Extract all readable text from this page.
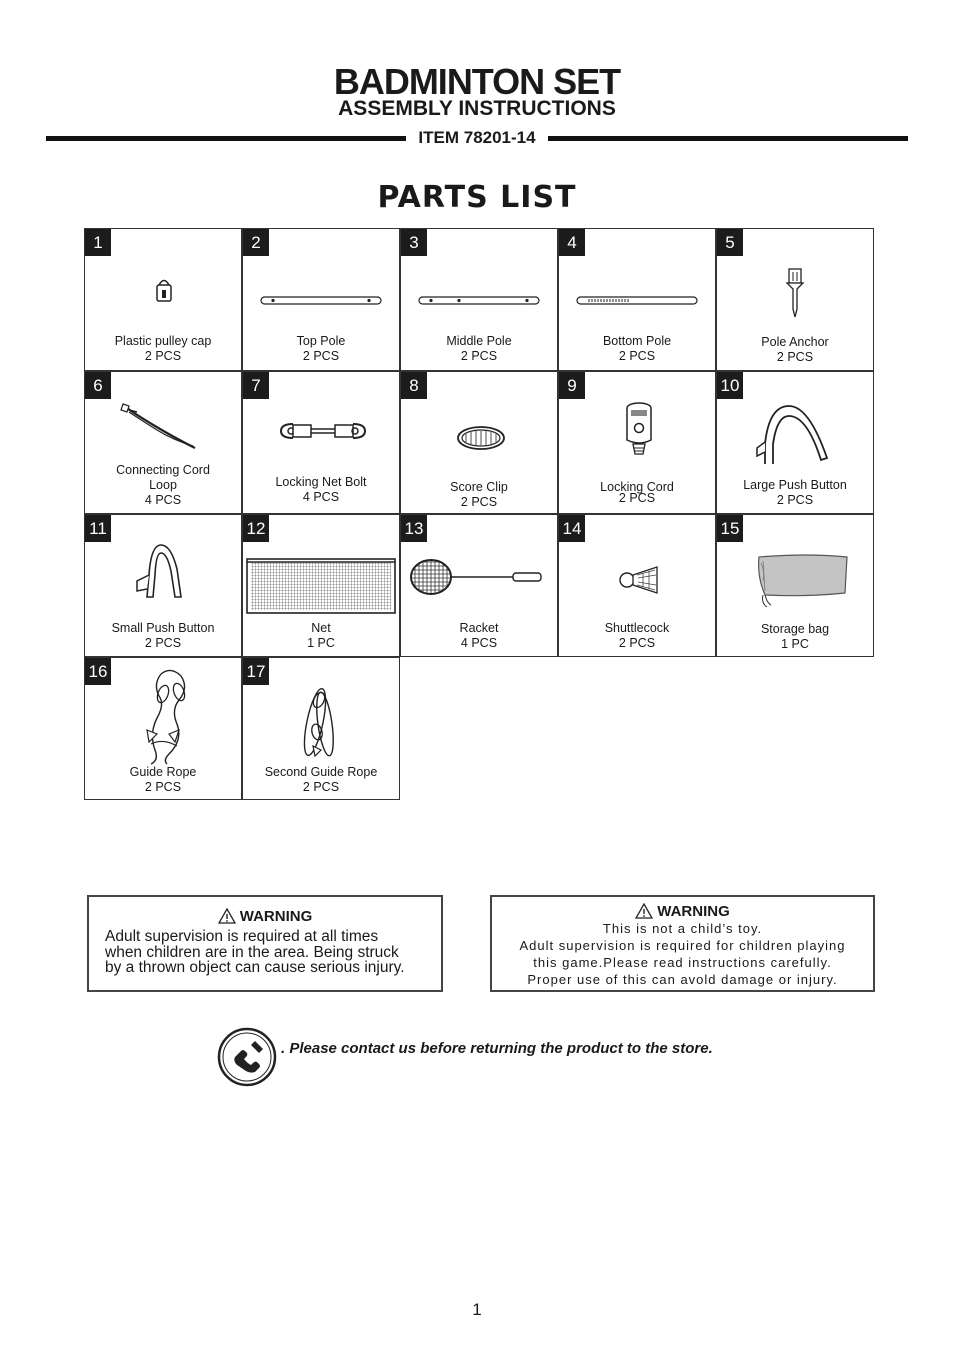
BADMINTON SET
ASSEMBLY INSTRUCTIONS
ITEM 78201-14
PARTS LIST
1
Plastic pulley cap
2 PCS
2
Top Pole
2 PCS
3
Middle Pole
2 PCS
4
Bottom Pole
2 PCS
5
Pole Anchor
2 PCS
6
Connecting Cord
Loop
4 PCS
7
Locking Net Bolt
4 PCS
8
Score Clip
2 PCS
9
Locking Cord
2 PCS
10
Large Push Button
2 PCS
11
Small Push Button
2 PCS
12
Net
1 PC
13
Racket
4 PCS
14
Shuttlecock
2 PCS
15
Storage bag
1 PC
16
Guide Rope
2 PCS
17
Second Guide Rope
2 PCS
WARNING
Adult supervision is required at all times
when children are in the area. Being struck
by a thrown object can cause serious injury.
WARNING
This is not a child’s toy.
Adult supervision is required for children playing
this game.Please read instructions carefully.
Proper use of this can avold damage or injury.
. Please contact us before returning the product to the store.
1
